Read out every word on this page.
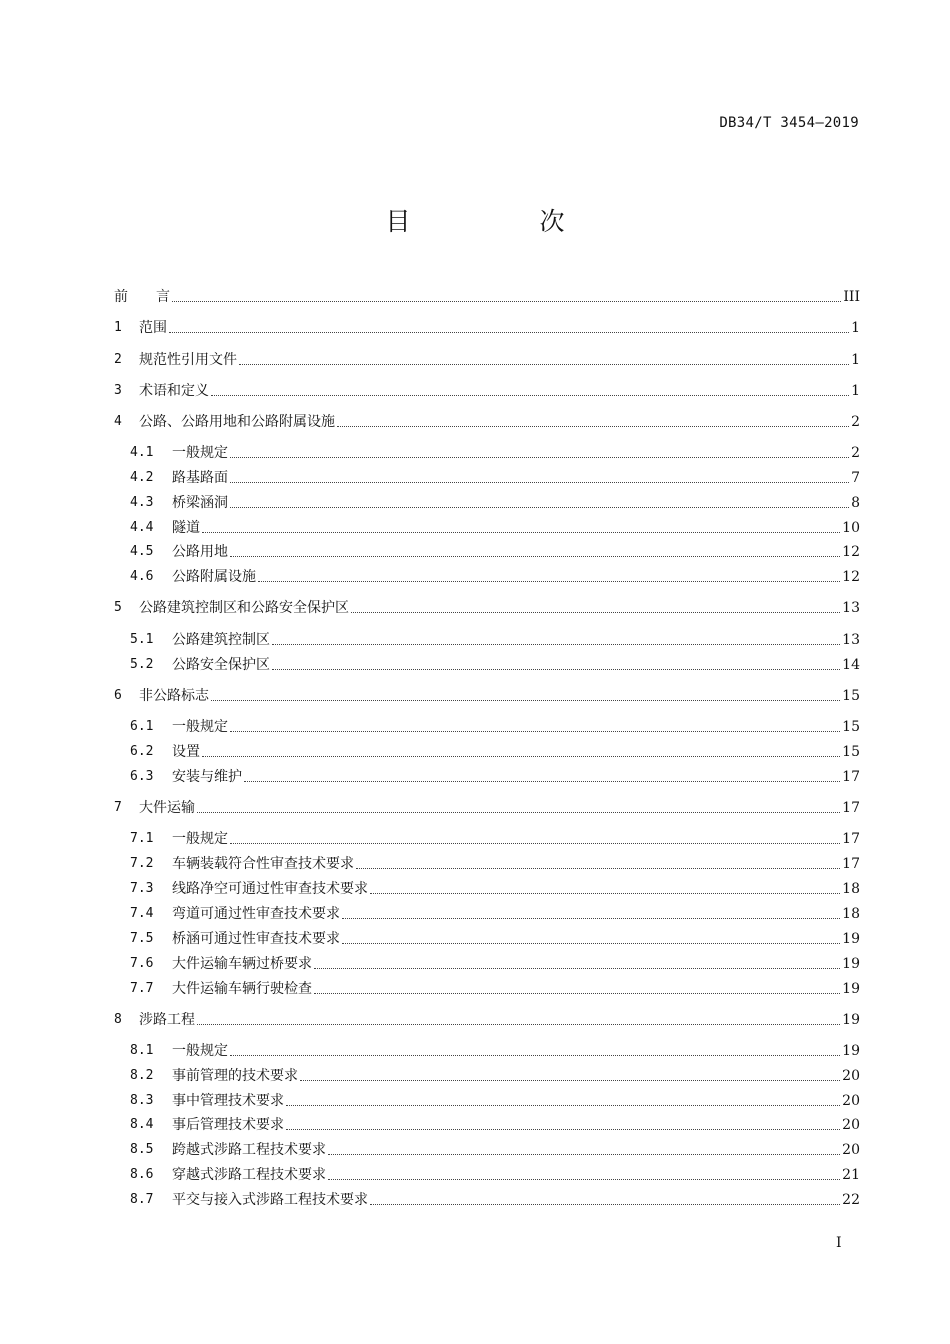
DB34/T 3454—2019
目　次
前　　言	III
1	范围	1
2	规范性引用文件	1
3	术语和定义	1
4	公路、公路用地和公路附属设施	2
4.1	一般规定	2
4.2	路基路面	7
4.3	桥梁涵洞	8
4.4	隧道	10
4.5	公路用地	12
4.6	公路附属设施	12
5	公路建筑控制区和公路安全保护区	13
5.1	公路建筑控制区	13
5.2	公路安全保护区	14
6	非公路标志	15
6.1	一般规定	15
6.2	设置	15
6.3	安装与维护	17
7	大件运输	17
7.1	一般规定	17
7.2	车辆装载符合性审查技术要求	17
7.3	线路净空可通过性审查技术要求	18
7.4	弯道可通过性审查技术要求	18
7.5	桥涵可通过性审查技术要求	19
7.6	大件运输车辆过桥要求	19
7.7	大件运输车辆行驶检查	19
8	涉路工程	19
8.1	一般规定	19
8.2	事前管理的技术要求	20
8.3	事中管理技术要求	20
8.4	事后管理技术要求	20
8.5	跨越式涉路工程技术要求	20
8.6	穿越式涉路工程技术要求	21
8.7	平交与接入式涉路工程技术要求	22
I
